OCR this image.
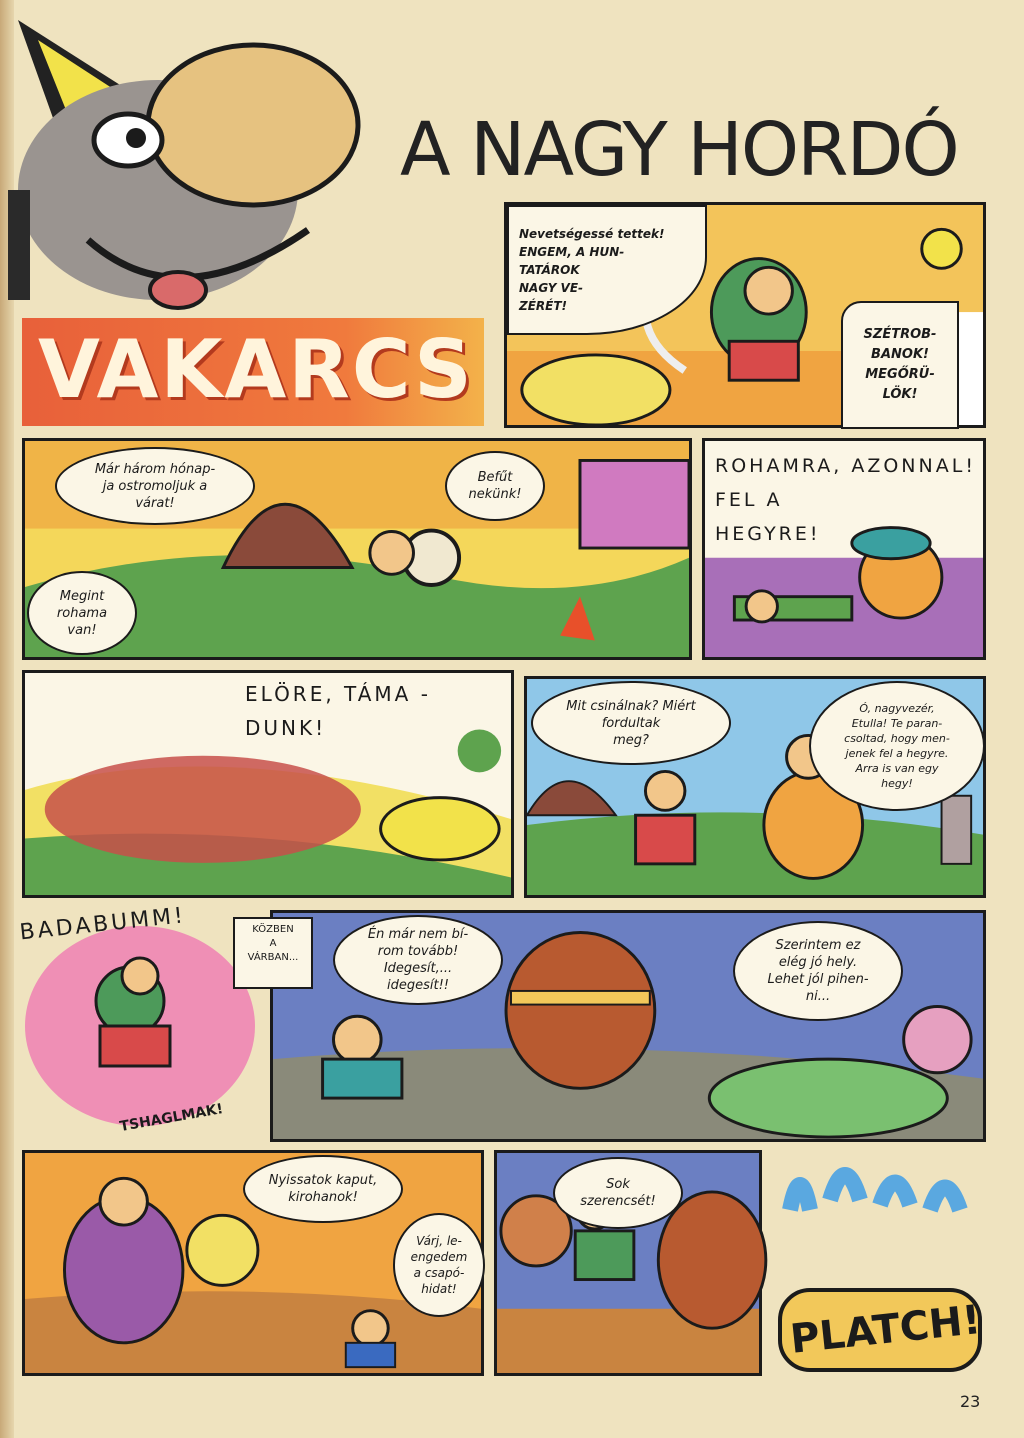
A NAGY HORDÓ
VAKARCS
Nevetségessé tettek!
ENGEM, A HUN-
TATÁROK
NAGY VE-
ZÉRÉT!
SZÉTROB-
BANOK!
MEGŐRÜ-
LÖK!
Már három hónap-
ja ostromoljuk a
várat!
Befűt
nekünk!
Megint
rohama
van!
ROHAMRA, AZONNAL!
FEL A
HEGYRE!
ELÖRE, TÁMA -
DUNK!
Mit csinálnak? Miért
fordultak
meg?
Ó, nagyvezér,
Etulla! Te paran-
csoltad, hogy men-
jenek fel a hegyre.
Arra is van egy
hegy!
BADABUMM!
TSHAGLMAK!
KÖZBEN
A
VÁRBAN...
Én már nem bí-
rom tovább!
Idegesít,...
idegesít!!
Szerintem ez
elég jó hely.
Lehet jól pihen-
ni...
Nyissatok kaput,
kirohanok!
Várj, le-
engedem
a csapó-
hidat!
Sok
szerencsét!
PLATCH!
23
